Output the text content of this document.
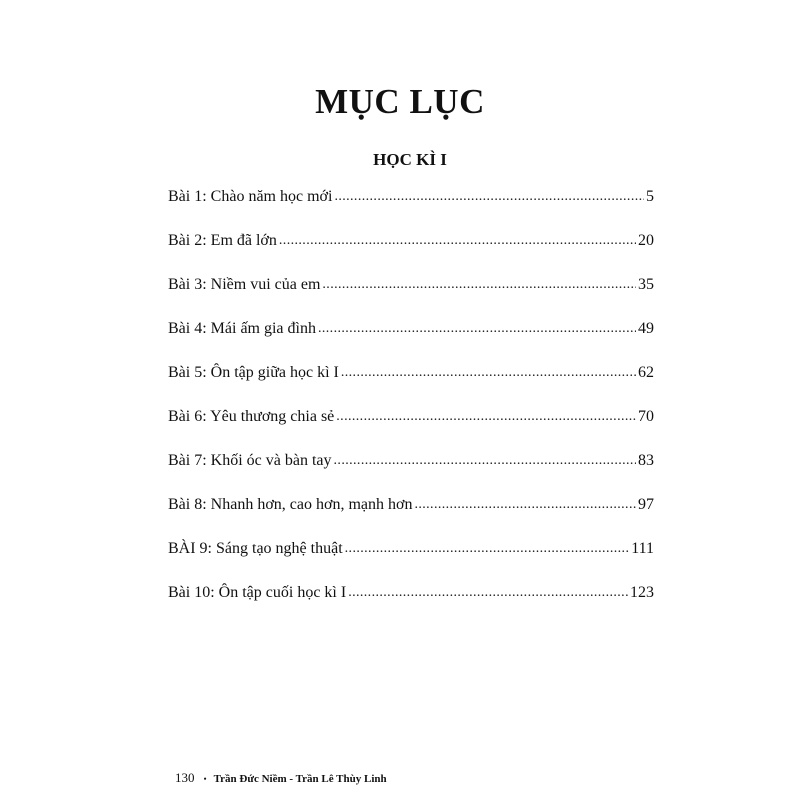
MỤC LỤC
HỌC KÌ I
Bài 1: Chào năm học mới .....	5
Bài 2: Em đã lớn .....	20
Bài 3: Niềm vui của em .....	35
Bài 4: Mái ấm gia đình .....	49
Bài 5: Ôn tập giữa học kì I .....	62
Bài 6: Yêu thương chia sẻ .....	70
Bài 7: Khối óc và bàn tay .....	83
Bài 8: Nhanh hơn, cao hơn, mạnh hơn .....	97
BÀI 9: Sáng tạo nghệ thuật .....	111
Bài 10: Ôn tập cuối học kì I .....	123
130 • Trần Đức Niềm - Trần Lê Thùy Linh
